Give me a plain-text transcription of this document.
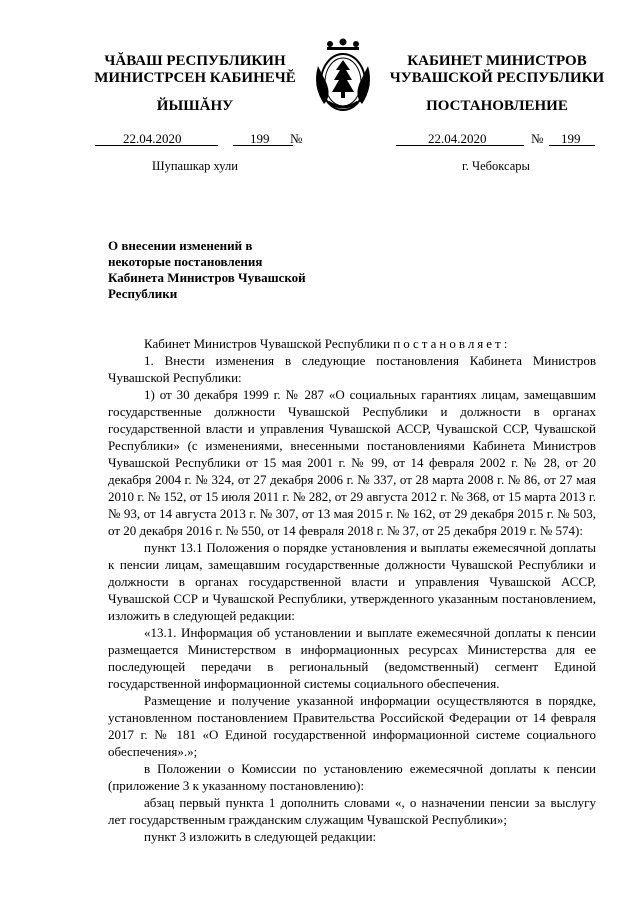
ЧĂВАШ РЕСПУБЛИКИН
МИНИСТРСЕН КАБИНЕЧĔ
ЙЫШĂНУ
КАБИНЕТ МИНИСТРОВ
ЧУВАШСКОЙ РЕСПУБЛИКИ
ПОСТАНОВЛЕНИЕ
22.04.2020	199 №	22.04.2020	№ 199
Шупашкар хули	г. Чебоксары
О внесении изменений в некоторые постановления Кабинета Министров Чувашской Республики

Кабинет Министров Чувашской Республики постановляет:

1. Внести изменения в следующие постановления Кабинета Министров Чувашской Республики:

1) от 30 декабря 1999 г. № 287 «О социальных гарантиях лицам, замещавшим государственные должности Чувашской Республики и должности в органах государственной власти и управления Чувашской АССР, Чувашской ССР, Чувашской Республики» (с изменениями, внесенными постановлениями Кабинета Министров Чувашской Республики от 15 мая 2001 г. № 99, от 14 февраля 2002 г. № 28, от 20 декабря 2004 г. № 324, от 27 декабря 2006 г. № 337, от 28 марта 2008 г. № 86, от 27 мая 2010 г. № 152, от 15 июля 2011 г. № 282, от 29 августа 2012 г. № 368, от 15 марта 2013 г. № 93, от 14 августа 2013 г. № 307, от 13 мая 2015 г. № 162, от 29 декабря 2015 г. № 503, от 20 декабря 2016 г. № 550, от 14 февраля 2018 г. № 37, от 25 декабря 2019 г. № 574):

пункт 13.1 Положения о порядке установления и выплаты ежемесячной доплаты к пенсии лицам, замещавшим государственные должности Чувашской Республики и должности в органах государственной власти и управления Чувашской АССР, Чувашской ССР и Чувашской Республики, утвержденного указанным постановлением, изложить в следующей редакции:

«13.1. Информация об установлении и выплате ежемесячной доплаты к пенсии размещается Министерством в информационных ресурсах Министерства для ее последующей передачи в региональный (ведомственный) сегмент Единой государственной информационной системы социального обеспечения.

Размещение и получение указанной информации осуществляются в порядке, установленном постановлением Правительства Российской Федерации от 14 февраля 2017 г. № 181 «О Единой государственной информационной системе социального обеспечения».»;

в Положении о Комиссии по установлению ежемесячной доплаты к пенсии (приложение 3 к указанному постановлению):

абзац первый пункта 1 дополнить словами «, о назначении пенсии за выслугу лет государственным гражданским служащим Чувашской Республики»;

пункт 3 изложить в следующей редакции:
